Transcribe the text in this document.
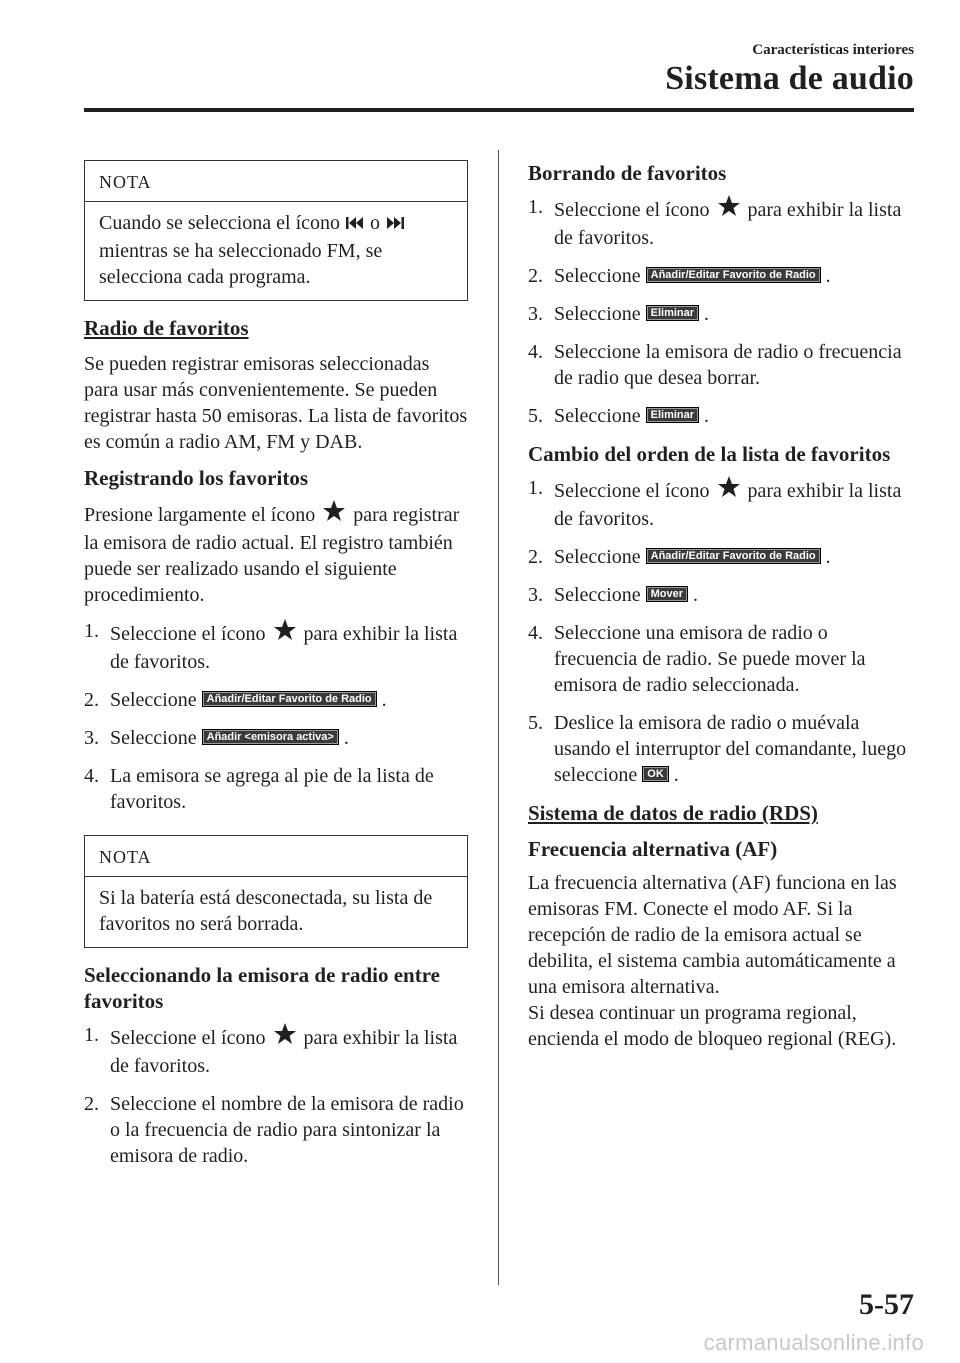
Características interiores
Sistema de audio
NOTA
Cuando se selecciona el ícono o  mientras se ha seleccionado FM, se selecciona cada programa.
Radio de favoritos

Se pueden registrar emisoras seleccionadas para usar más convenientemente. Se pueden registrar hasta 50 emisoras. La lista de favoritos es común a radio AM, FM y DAB.

Registrando los favoritos

Presione largamente el ícono para registrar la emisora de radio actual. El registro también puede ser realizado usando el siguiente procedimiento.

1. Seleccione el ícono para exhibir la lista de favoritos.
2. Seleccione Añadir/Editar Favorito de Radio .
3. Seleccione Añadir <emisora activa> .
4. La emisora se agrega al pie de la lista de favoritos.
NOTA
Si la batería está desconectada, su lista de favoritos no será borrada.
Seleccionando la emisora de radio entre favoritos
1. Seleccione el ícono para exhibir la lista de favoritos.
2. Seleccione el nombre de la emisora de radio o la frecuencia de radio para sintonizar la emisora de radio.
Borrando de favoritos
1. Seleccione el ícono para exhibir la lista de favoritos.
2. Seleccione Añadir/Editar Favorito de Radio .
3. Seleccione Eliminar .
4. Seleccione la emisora de radio o frecuencia de radio que desea borrar.
5. Seleccione Eliminar .
Cambio del orden de la lista de favoritos
1. Seleccione el ícono para exhibir la lista de favoritos.
2. Seleccione Añadir/Editar Favorito de Radio .
3. Seleccione Mover .
4. Seleccione una emisora de radio o frecuencia de radio. Se puede mover la emisora de radio seleccionada.
5. Deslice la emisora de radio o muévala usando el interruptor del comandante, luego seleccione OK .
Sistema de datos de radio (RDS)
Frecuencia alternativa (AF)

La frecuencia alternativa (AF) funciona en las emisoras FM. Conecte el modo AF. Si la recepción de radio de la emisora actual se debilita, el sistema cambia automáticamente a una emisora alternativa.

Si desea continuar un programa regional, encienda el modo de bloqueo regional (REG).

5-57
carmanualsonline.info
